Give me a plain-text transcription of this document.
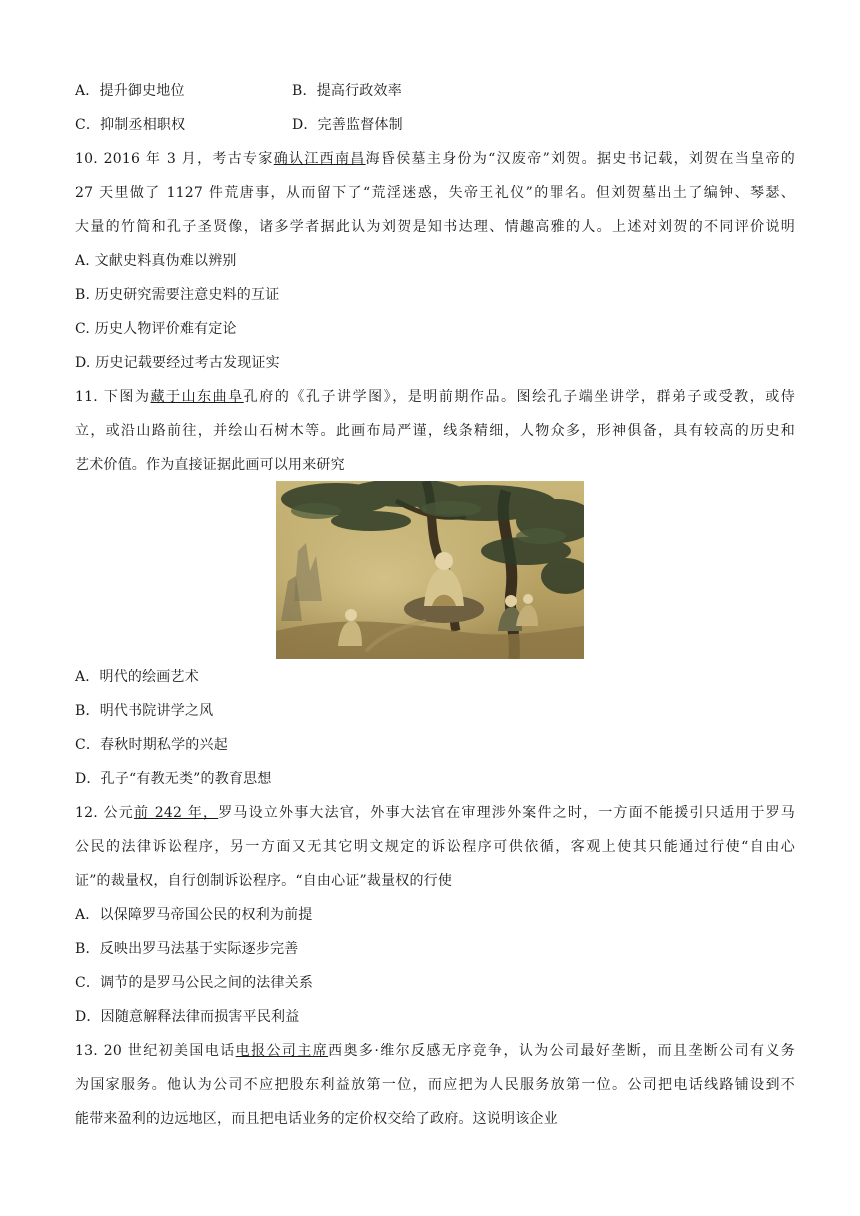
A．提升御史地位	B．提高行政效率
C．抑制丞相职权	D．完善监督体制
10. 2016 年 3 月，考古专家确认江西南昌海昏侯墓主身份为“汉废帝”刘贺。据史书记载，刘贺在当皇帝的
27 天里做了 1127 件荒唐事，从而留下了“荒淫迷惑，失帝王礼仪”的罪名。但刘贺墓出土了编钟、琴瑟、
大量的竹简和孔子圣贤像，诸多学者据此认为刘贺是知书达理、情趣高雅的人。上述对刘贺的不同评价说明
A. 文献史料真伪难以辨别
B. 历史研究需要注意史料的互证
C. 历史人物评价难有定论
D. 历史记载要经过考古发现证实
11. 下图为藏于山东曲阜孔府的《孔子讲学图》，是明前期作品。图绘孔子端坐讲学，群弟子或受教，或侍
立，或沿山路前往，并绘山石树木等。此画布局严谨，线条精细，人物众多，形神俱备，具有较高的历史和
艺术价值。作为直接证据此画可以用来研究
A．明代的绘画艺术
B．明代书院讲学之风
C．春秋时期私学的兴起
D．孔子“有教无类”的教育思想
12. 公元前 242 年，罗马设立外事大法官，外事大法官在审理涉外案件之时，一方面不能援引只适用于罗马
公民的法律诉讼程序，另一方面又无其它明文规定的诉讼程序可供依循，客观上使其只能通过行使“自由心
证”的裁量权，自行创制诉讼程序。“自由心证”裁量权的行使
A．以保障罗马帝国公民的权利为前提
B．反映出罗马法基于实际逐步完善
C．调节的是罗马公民之间的法律关系
D．因随意解释法律而损害平民利益
13. 20 世纪初美国电话电报公司主席西奥多·维尔反感无序竞争，认为公司最好垄断，而且垄断公司有义务
为国家服务。他认为公司不应把股东利益放第一位，而应把为人民服务放第一位。公司把电话线路铺设到不
能带来盈利的边远地区，而且把电话业务的定价权交给了政府。这说明该企业
